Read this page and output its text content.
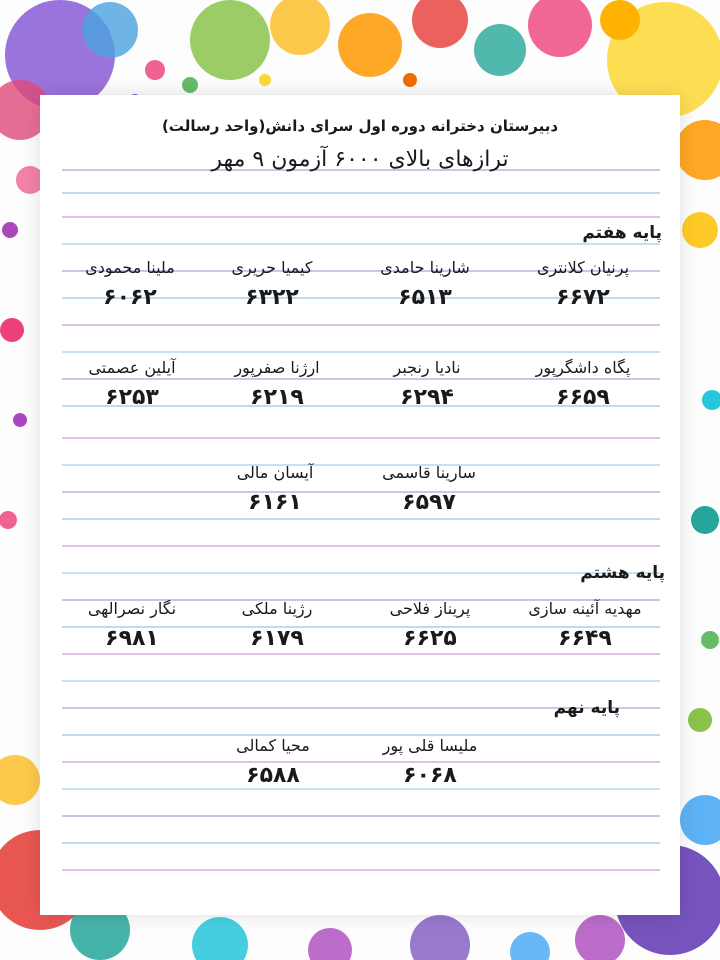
دبیرستان دخترانه دوره اول سرای دانش(واحد رسالت)
ترازهای بالای ۶۰۰۰ آزمون ۹ مهر
پایه هفتم
پرنیان کلانتری
۶۶۷۲
شارینا حامدی
۶۵۱۳
کیمیا حریری
۶۳۲۲
ملینا محمودی
۶۰۶۲
پگاه داشگرپور
۶۶۵۹
نادیا رنجبر
۶۲۹۴
ارژنا صفرپور
۶۲۱۹
آیلین عصمتی
۶۲۵۳
سارینا قاسمی
۶۵۹۷
آیسان مالی
۶۱۶۱
پایه هشتم
مهدیه آئینه سازی
۶۶۴۹
پریناز فلاحی
۶۶۲۵
رژینا ملکی
۶۱۷۹
نگار نصرالهی
۶۹۸۱
پایه نهم
ملیسا قلی پور
۶۰۶۸
محیا کمالی
۶۵۸۸
